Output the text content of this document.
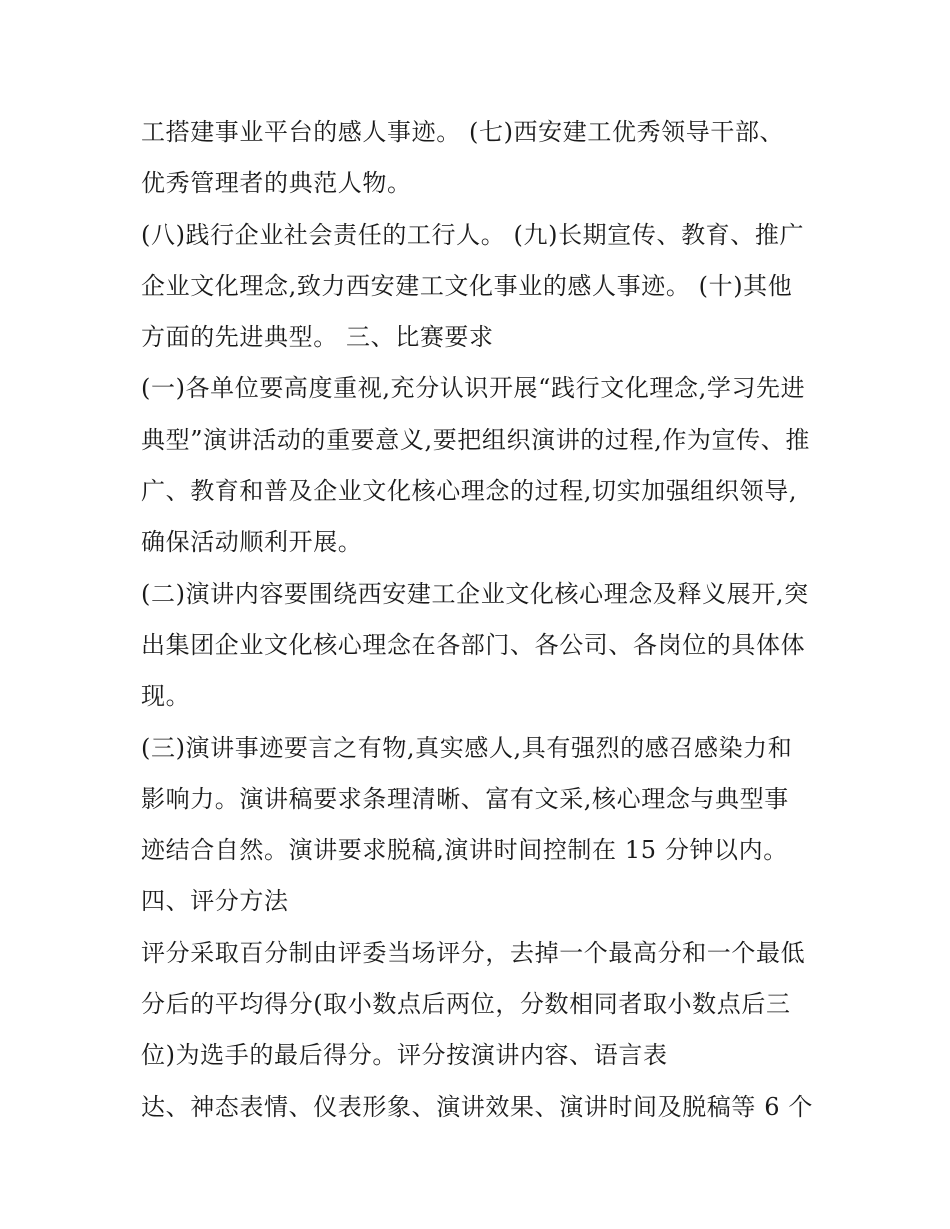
工搭建事业平台的感人事迹。 (七)西安建工优秀领导干部、
优秀管理者的典范人物。
(八)践行企业社会责任的工行人。 (九)长期宣传、教育、推广
企业文化理念,致力西安建工文化事业的感人事迹。 (十)其他
方面的先进典型。 三、比赛要求
(一)各单位要高度重视,充分认识开展“践行文化理念,学习先进
典型”演讲活动的重要意义,要把组织演讲的过程,作为宣传、推
广、教育和普及企业文化核心理念的过程,切实加强组织领导,
确保活动顺利开展。
(二)演讲内容要围绕西安建工企业文化核心理念及释义展开,突
出集团企业文化核心理念在各部门、各公司、各岗位的具体体
现。
(三)演讲事迹要言之有物,真实感人,具有强烈的感召感染力和
影响力。演讲稿要求条理清晰、富有文采,核心理念与典型事
迹结合自然。演讲要求脱稿,演讲时间控制在 15 分钟以内。
四、评分方法
评分采取百分制由评委当场评分，去掉一个最高分和一个最低
分后的平均得分(取小数点后两位，分数相同者取小数点后三
位)为选手的最后得分。评分按演讲内容、语言表
达、神态表情、仪表形象、演讲效果、演讲时间及脱稿等 6 个
